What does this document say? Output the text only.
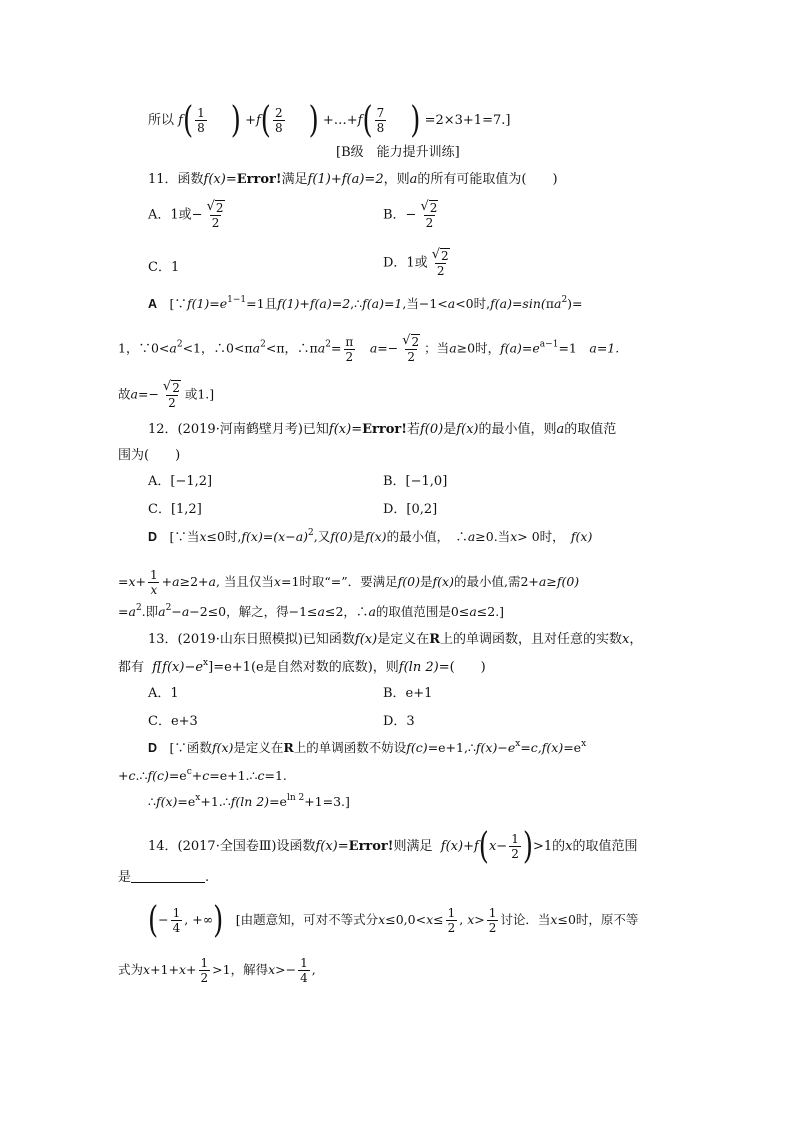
所以 $f( \frac{1}{8}$ ) $+f( \frac{2}{8}$ ) +…+f( $\frac{7}{8}$ ) =2×3+1=7.]
[B级　能力提升训练]
11．函数f(x)=Error!满足f(1)+f(a)=2，则a的所有可能取值为(　　)
A．1或− $\frac{√ 2}{2}$	B．− $\frac{√ 2}{2}$
C．1	D．1或 $\frac{√ 2}{2}$
A　 [$\because f(1)=e^{1-1}=1$且f(1)+f(a)=2,∴f(a)=1,当−1<a<0时$,f(a)=\sin(\pi a^2)=$
1，$\because 0<a^2<1$，$\therefore 0<\pi a^2<\pi$，$\therefore\pi a^2= \frac{\pi}{2}$
　 $a=- \frac{√ 2}{2}$ ；当a≥0时，$f(a)=e^{a-1}=1$　a=1.
故$a=- \frac{√ 2}{2}$ 或1.]
12．(2019·河南鹤壁月考)已知f(x)=Error!若f(0)是f(x)的最小值，则a的取值范
围为(　　)
A．[−1,2]	B．[−1,0]
C．[1,2]	D．[0,2]
D　 [∵当x≤0时$,f(x)=(x-a)^2$,又f(0)是f(x)的最小值，　∴a≥0.当x> 0时，　f(x)
$=x+ \frac{1}{x} +a\ge 2+a$, 当且仅当x=1时取“=”．要满足f(0)是f(x)的最小值,需2+a≥f(0)
$=a^2$.即$a^2-a-2\le 0$，解之，得−1≤a≤2，∴a的取值范围是0≤a≤2.]
13．(2019·山东日照模拟)已知函数f(x)是定义在R上的单调函数，且对任意的实数x，
都有 $f[f(x)-e^x]=e+1(e$是自然对数的底数)，则f(ln 2)=(　　)
A．1	B．e+1
C．e+3	D．3
D　 [∵函数f(x)是定义在R上的单调函数不妨设$f(c)=e+1,\therefore f(x)-e^x=c,f(x)=e^x$
$+c.\therefore f(c)=e^c+c=e+1.\therefore c=1$.
$\therefore f(x)=e^x+1.\therefore f(\ln$ $2)=e^{ln 2}+1=3$.]
14．(2017·全国卷Ⅲ)设函数f(x)=Error!则满足 $f(x)+f(x- \frac{1}{2} )>1$的x的取值范围
是	.
(− $\frac{1}{4}$ , +∞)　[由题意知，可对不等式分$x\le 0,0<x\le \frac{1}{2}$ , $x> \frac{1}{2}$ 讨论．当x≤0时，原不等
式为$x+1+x+ \frac{1}{2} >1$，解得$x>- \frac{1}{4}$ ,
